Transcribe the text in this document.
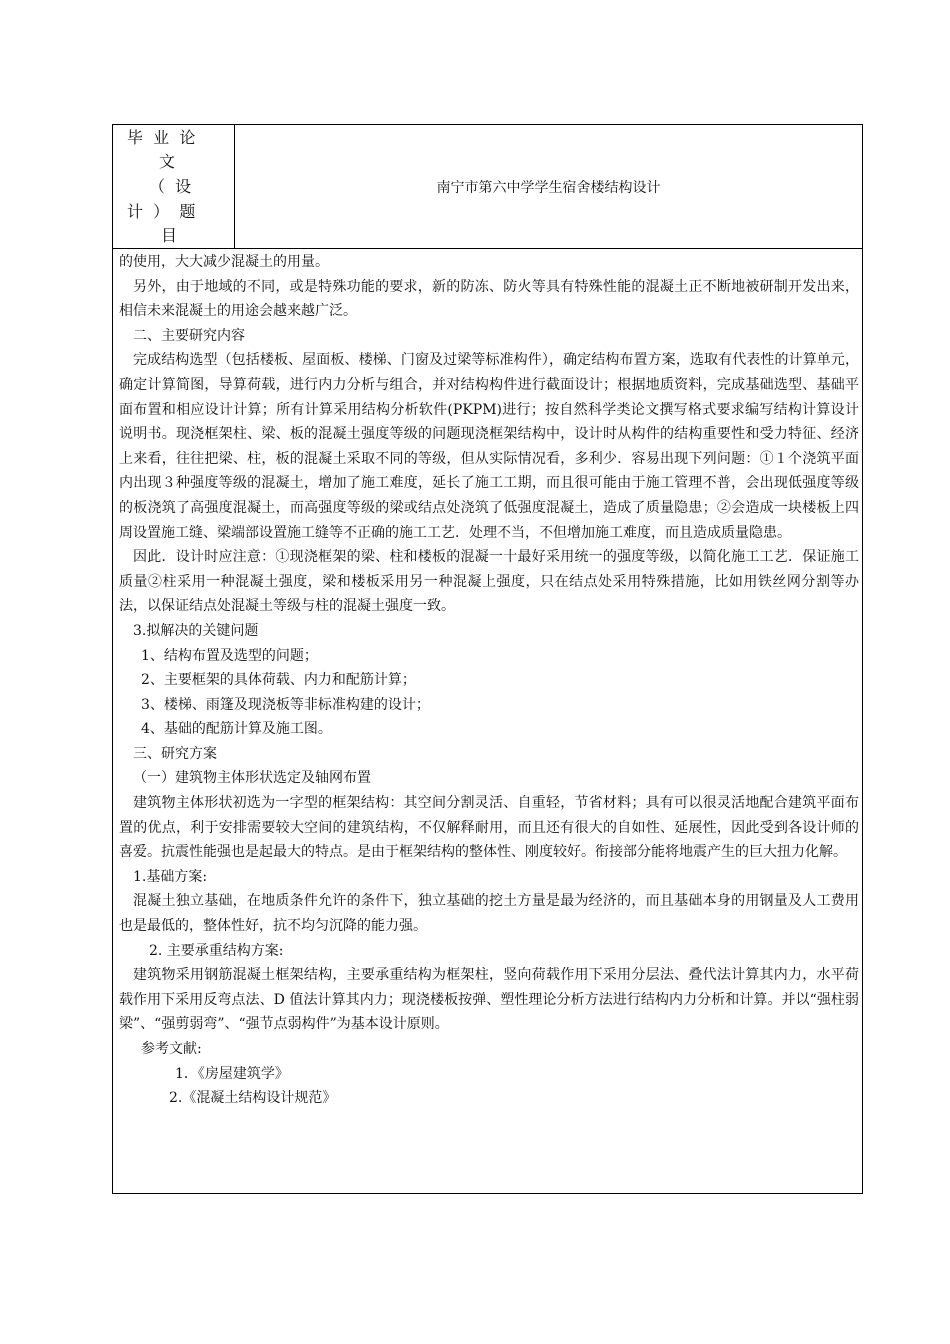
毕  业  论
文
（  设
计  ）  题
目
南宁市第六中学学生宿舍楼结构设计

的使用，大大减少混凝土的用量。

另外，由于地域的不同，或是特殊功能的要求，新的防冻、防火等具有特殊性能的混凝土正不断地被研制开发出来，相信未来混凝土的用途会越来越广泛。

二、主要研究内容

完成结构选型（包括楼板、屋面板、楼梯、门窗及过梁等标准构件），确定结构布置方案，选取有代表性的计算单元，确定计算简图，导算荷载，进行内力分析与组合，并对结构构件进行截面设计；根据地质资料，完成基础选型、基础平面布置和相应设计计算；所有计算采用结构分析软件(PKPM)进行；按自然科学类论文撰写格式要求编写结构计算设计说明书。现浇框架柱、梁、板的混凝土强度等级的问题现浇框架结构中，设计时从构件的结构重要性和受力特征、经济上来看，往往把梁、柱，板的混凝土采取不同的等级，但从实际情况看，多利少．容易出现下列问题：①１个浇筑平面内出现３种强度等级的混凝土，增加了施工难度，延长了施工工期，而且很可能由于施工管理不普，会出现低强度等级的板浇筑了高强度混凝土，而高强度等级的梁或结点处浇筑了低强度混凝土，造成了质量隐患；②会造成一块楼板上四周设置施工缝、梁端部设置施工缝等不正确的施工工艺．处理不当，不但增加施工难度，而且造成质量隐患。

因此．设计时应注意：①现浇框架的梁、柱和楼板的混凝一十最好采用统一的强度等级，以简化施工工艺．保证施工质量②柱采用一种混凝土强度，梁和楼板采用另一种混凝上强度，只在结点处采用特殊措施，比如用铁丝网分割等办法，以保证结点处混凝土等级与柱的混凝土强度一致。

3.拟解决的关键问题

1、结构布置及选型的问题；

2、主要框架的具体荷载、内力和配筋计算；

3、楼梯、雨篷及现浇板等非标准构建的设计；

4、基础的配筋计算及施工图。

三、研究方案

（一）建筑物主体形状选定及轴网布置

建筑物主体形状初选为一字型的框架结构：其空间分割灵活、自重轻，节省材料；具有可以很灵活地配合建筑平面布置的优点，利于安排需要较大空间的建筑结构，不仅解释耐用，而且还有很大的自如性、延展性，因此受到各设计师的喜爱。抗震性能强也是起最大的特点。是由于框架结构的整体性、刚度较好。衔接部分能将地震产生的巨大扭力化解。

1.基础方案:

混凝土独立基础，在地质条件允许的条件下，独立基础的挖土方量是最为经济的，而且基础本身的用钢量及人工费用也是最低的，整体性好，抗不均匀沉降的能力强。

2. 主要承重结构方案:

建筑物采用钢筋混凝土框架结构，主要承重结构为框架柱，竖向荷载作用下采用分层法、叠代法计算其内力，水平荷载作用下采用反弯点法、D 值法计算其内力；现浇楼板按弹、塑性理论分析方法进行结构内力分析和计算。并以“强柱弱梁”、“强剪弱弯”、“强节点弱构件”为基本设计原则。

参考文献:

1．《房屋建筑学》

2.《混凝土结构设计规范》
